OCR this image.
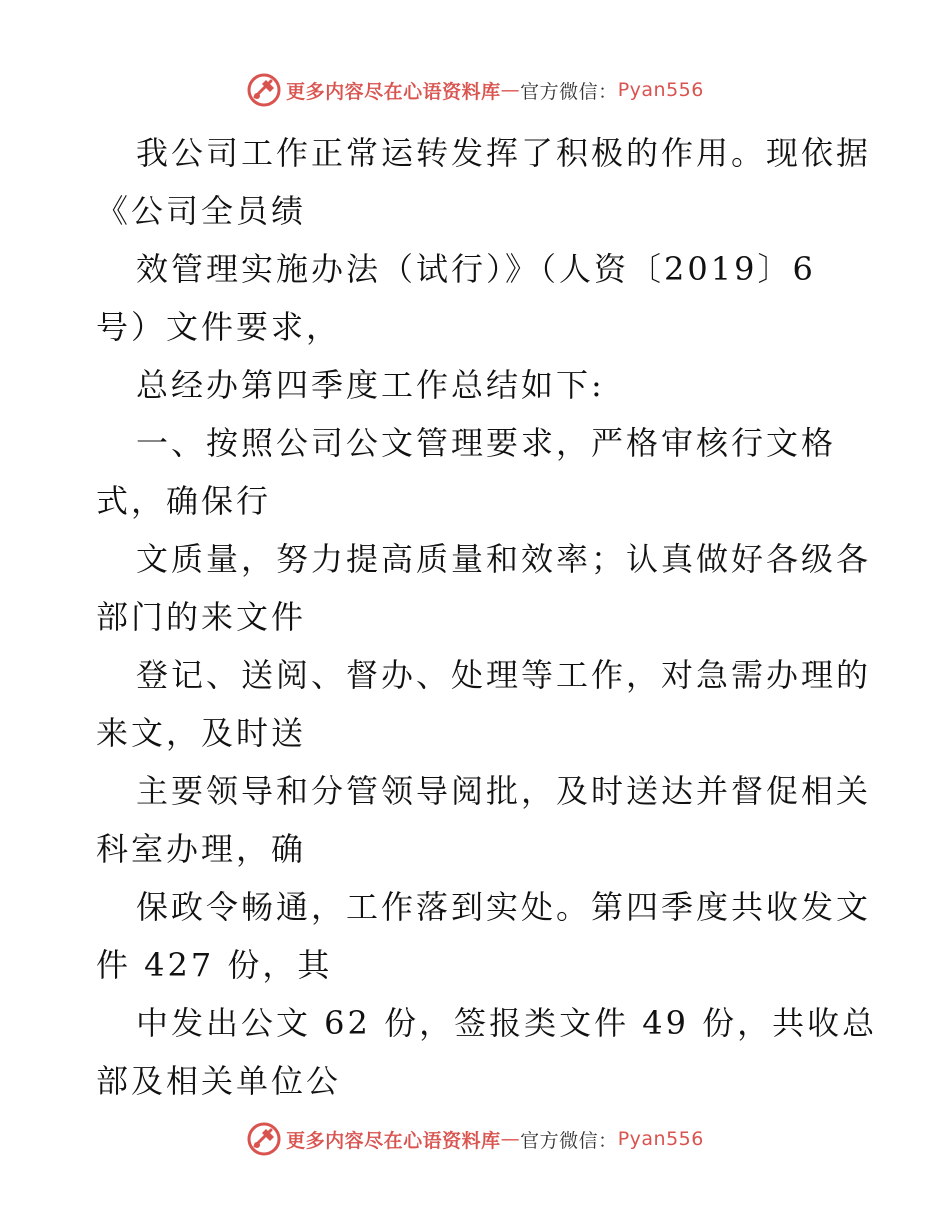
更多内容尽在心语资料库 — 官方微信： Pyan556

我公司工作正常运转发挥了积极的作用。现依据

《公司全员绩

效管理实施办法（试行）》（人资〔2019〕6

号）文件要求，

总经办第四季度工作总结如下:

一、按照公司公文管理要求，严格审核行文格

式，确保行

文质量，努力提高质量和效率；认真做好各级各

部门的来文件

登记、送阅、督办、处理等工作，对急需办理的

来文，及时送

主要领导和分管领导阅批，及时送达并督促相关

科室办理，确

保政令畅通，工作落到实处。第四季度共收发文

件 427 份，其

中发出公文 62 份，签报类文件 49 份，共收总

部及相关单位公

更多内容尽在心语资料库 — 官方微信： Pyan556
